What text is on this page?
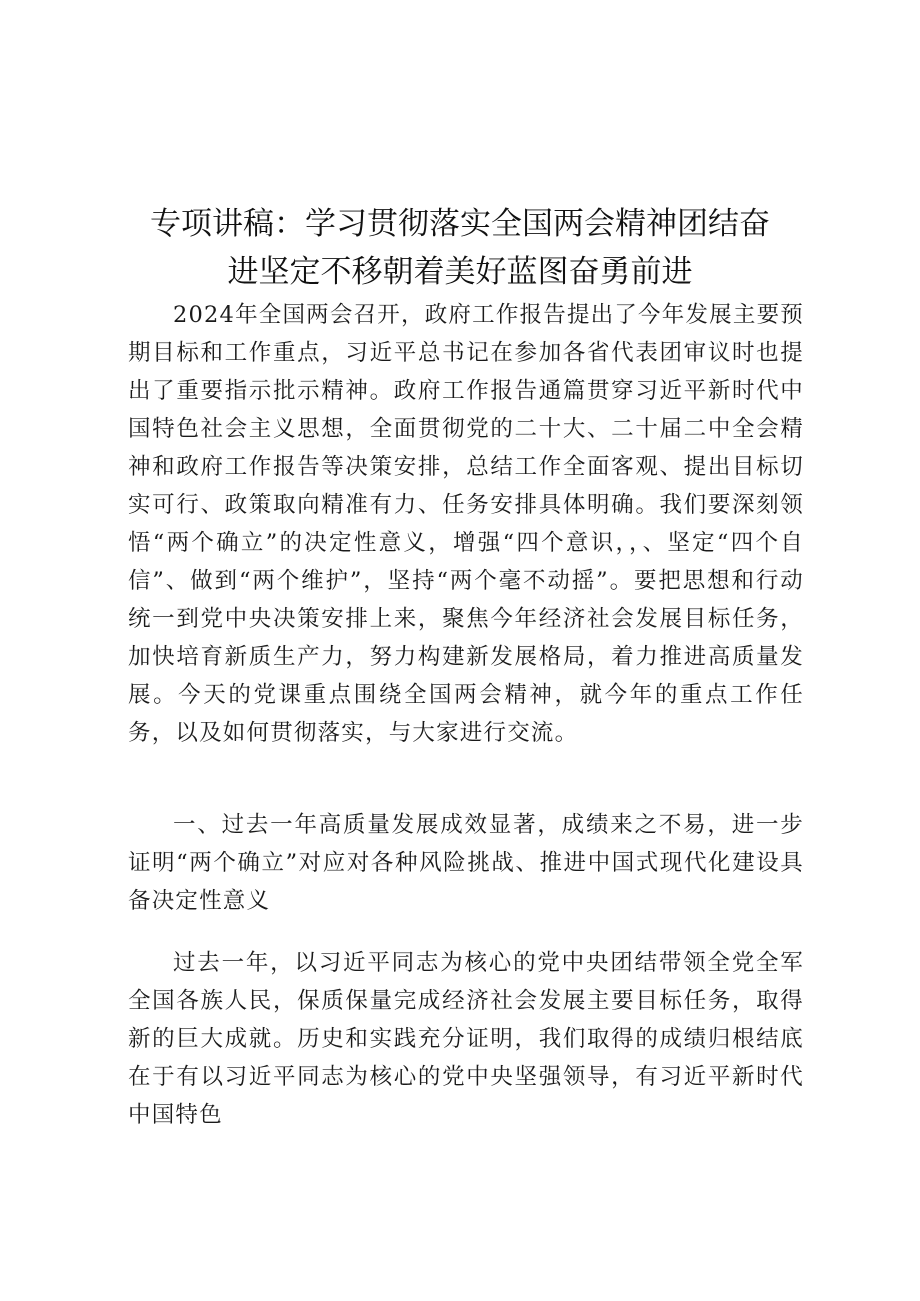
专项讲稿：学习贯彻落实全国两会精神团结奋
进坚定不移朝着美好蓝图奋勇前进

2024年全国两会召开，政府工作报告提出了今年发展主要预期目标和工作重点，习近平总书记在参加各省代表团审议时也提出了重要指示批示精神。政府工作报告通篇贯穿习近平新时代中国特色社会主义思想，全面贯彻党的二十大、二十届二中全会精神和政府工作报告等决策安排，总结工作全面客观、提出目标切实可行、政策取向精准有力、任务安排具体明确。我们要深刻领悟“两个确立”的决定性意义，增强“四个意识，，、坚定“四个自信”、做到“两个维护”，坚持“两个毫不动摇”。要把思想和行动统一到党中央决策安排上来，聚焦今年经济社会发展目标任务，加快培育新质生产力，努力构建新发展格局，着力推进高质量发展。今天的党课重点围绕全国两会精神，就今年的重点工作任务，以及如何贯彻落实，与大家进行交流。

一、过去一年高质量发展成效显著，成绩来之不易，进一步证明“两个确立”对应对各种风险挑战、推进中国式现代化建设具备决定性意义

过去一年，以习近平同志为核心的党中央团结带领全党全军全国各族人民，保质保量完成经济社会发展主要目标任务，取得新的巨大成就。历史和实践充分证明，我们取得的成绩归根结底在于有以习近平同志为核心的党中央坚强领导，有习近平新时代中国特色
